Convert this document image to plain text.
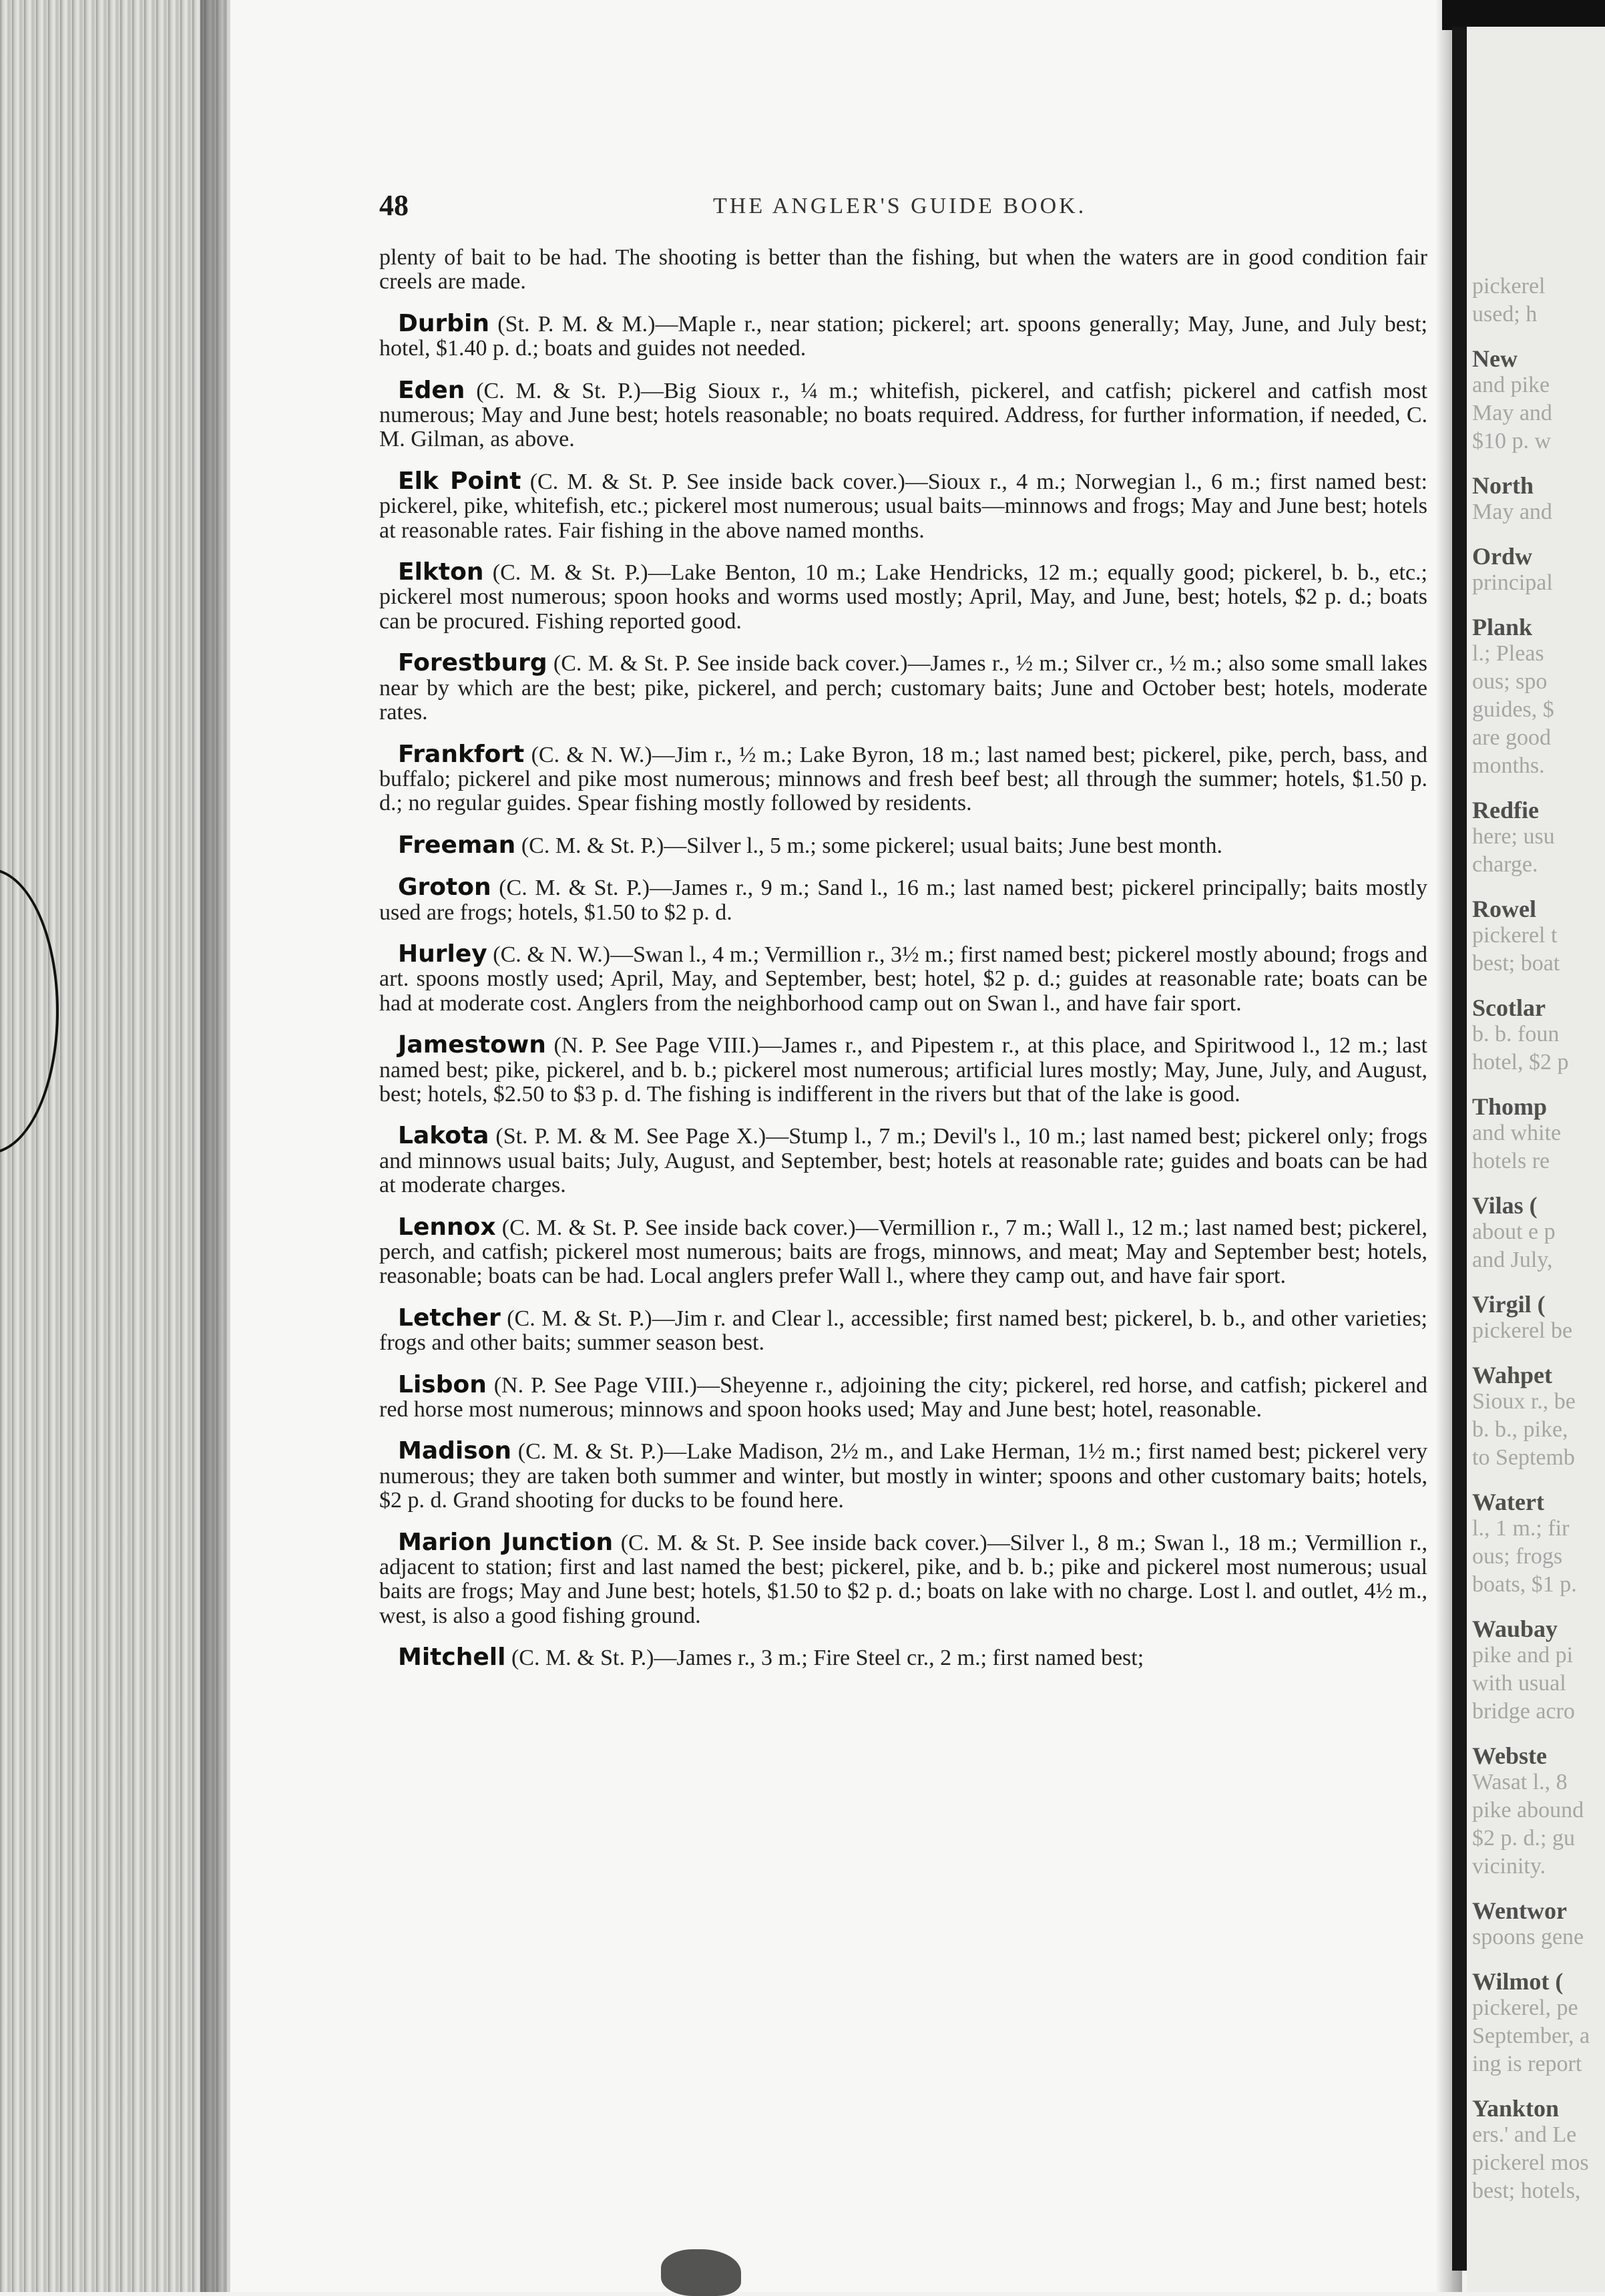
pickerel
used; h
New
and pike
May and
$10 p. w
North
May and
Ordw
principal
Plank
l.; Pleas
ous; spo
guides, $
are good
months.
Redfie
here; usu
charge.
Rowel
pickerel t
best; boat
Scotlar
b. b. foun
hotel, $2 p
Thomp
and white
hotels re
Vilas (
about e p
and July,
Virgil (
pickerel be
Wahpet
Sioux r., be
b. b., pike,
to Septemb
Watert
l., 1 m.; fir
ous; frogs
boats, $1 p.
Waubay
pike and pi
with usual
bridge acro
Webste
Wasat l., 8
pike abound
$2 p. d.; gu
vicinity.
Wentwor
spoons gene
Wilmot (
pickerel, pe
September, a
ing is report
Yankton
ers.' and Le
pickerel mos
best; hotels,
48	THE ANGLER'S GUIDE BOOK.

plenty of bait to be had. The shooting is better than the fishing, but when the waters are in good condition fair creels are made.

Durbin (St. P. M. & M.)—Maple r., near station; pickerel; art. spoons generally; May, June, and July best; hotel, $1.40 p. d.; boats and guides not needed.

Eden (C. M. & St. P.)—Big Sioux r., ¼ m.; whitefish, pickerel, and catfish; pickerel and catfish most numerous; May and June best; hotels reasonable; no boats required. Address, for further information, if needed, C. M. Gilman, as above.

Elk Point (C. M. & St. P. See inside back cover.)—Sioux r., 4 m.; Norwegian l., 6 m.; first named best: pickerel, pike, whitefish, etc.; pickerel most numerous; usual baits—minnows and frogs; May and June best; hotels at reasonable rates. Fair fishing in the above named months.

Elkton (C. M. & St. P.)—Lake Benton, 10 m.; Lake Hendricks, 12 m.; equally good; pickerel, b. b., etc.; pickerel most numerous; spoon hooks and worms used mostly; April, May, and June, best; hotels, $2 p. d.; boats can be procured. Fishing reported good.

Forestburg (C. M. & St. P. See inside back cover.)—James r., ½ m.; Silver cr., ½ m.; also some small lakes near by which are the best; pike, pickerel, and perch; customary baits; June and October best; hotels, moderate rates.

Frankfort (C. & N. W.)—Jim r., ½ m.; Lake Byron, 18 m.; last named best; pickerel, pike, perch, bass, and buffalo; pickerel and pike most numerous; minnows and fresh beef best; all through the summer; hotels, $1.50 p. d.; no regular guides. Spear fishing mostly followed by residents.

Freeman (C. M. & St. P.)—Silver l., 5 m.; some pickerel; usual baits; June best month.

Groton (C. M. & St. P.)—James r., 9 m.; Sand l., 16 m.; last named best; pickerel principally; baits mostly used are frogs; hotels, $1.50 to $2 p. d.

Hurley (C. & N. W.)—Swan l., 4 m.; Vermillion r., 3½ m.; first named best; pickerel mostly abound; frogs and art. spoons mostly used; April, May, and September, best; hotel, $2 p. d.; guides at reasonable rate; boats can be had at moderate cost. Anglers from the neighborhood camp out on Swan l., and have fair sport.

Jamestown (N. P. See Page VIII.)—James r., and Pipestem r., at this place, and Spiritwood l., 12 m.; last named best; pike, pickerel, and b. b.; pickerel most numerous; artificial lures mostly; May, June, July, and August, best; hotels, $2.50 to $3 p. d. The fishing is indifferent in the rivers but that of the lake is good.

Lakota (St. P. M. & M. See Page X.)—Stump l., 7 m.; Devil's l., 10 m.; last named best; pickerel only; frogs and minnows usual baits; July, August, and September, best; hotels at reasonable rate; guides and boats can be had at moderate charges.

Lennox (C. M. & St. P. See inside back cover.)—Vermillion r., 7 m.; Wall l., 12 m.; last named best; pickerel, perch, and catfish; pickerel most numerous; baits are frogs, minnows, and meat; May and September best; hotels, reasonable; boats can be had. Local anglers prefer Wall l., where they camp out, and have fair sport.

Letcher (C. M. & St. P.)—Jim r. and Clear l., accessible; first named best; pickerel, b. b., and other varieties; frogs and other baits; summer season best.

Lisbon (N. P. See Page VIII.)—Sheyenne r., adjoining the city; pickerel, red horse, and catfish; pickerel and red horse most numerous; minnows and spoon hooks used; May and June best; hotel, reasonable.

Madison (C. M. & St. P.)—Lake Madison, 2½ m., and Lake Herman, 1½ m.; first named best; pickerel very numerous; they are taken both summer and winter, but mostly in winter; spoons and other customary baits; hotels, $2 p. d. Grand shooting for ducks to be found here.

Marion Junction (C. M. & St. P. See inside back cover.)—Silver l., 8 m.; Swan l., 18 m.; Vermillion r., adjacent to station; first and last named the best; pickerel, pike, and b. b.; pike and pickerel most numerous; usual baits are frogs; May and June best; hotels, $1.50 to $2 p. d.; boats on lake with no charge. Lost l. and outlet, 4½ m., west, is also a good fishing ground.

Mitchell (C. M. & St. P.)—James r., 3 m.; Fire Steel cr., 2 m.; first named best;
